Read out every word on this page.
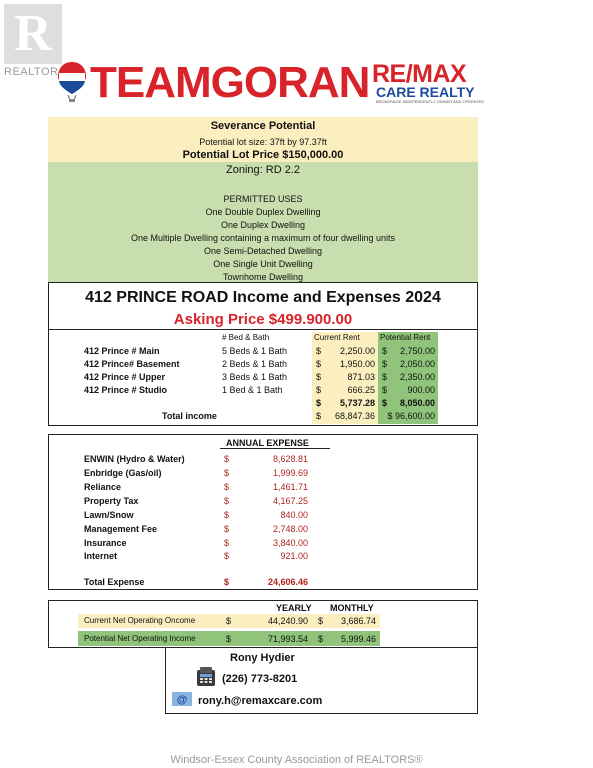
R
REALTOR TEAMGORAN RE/MAX
CARE REALTY
BROKERAGE INDEPENDENTLY OWNED AND OPERATED
Severance Potential
Potential lot size: 37ft by 97.37ft
Potential Lot Price $150,000.00
Zoning: RD 2.2
PERMITTED USES
One Double Duplex Dwelling
One Duplex Dwelling
One Multiple Dwelling containing a maximum of four dwelling units
One Semi-Detached Dwelling
One Single Unit Dwelling
Townhome Dwelling
412 PRINCE ROAD Income and Expenses 2024
Asking Price $499.900.00
# Bed & Bath	Current Rent	Potential Rent
412 Prince # Main	5 Beds & 1 Bath	$	2,250.00 $	2,750.00
412 Prince# Basement	2 Beds & 1 Bath	$	1,950.00 $	2,050.00
412 Prince # Upper	3 Beds & 1 Bath	$	871.03 $	2,350.00
412 Prince # Studio	1 Bed & 1 Bath	$	666.25 $	900.00
$	5,737.28 $	8,050.00
Total income	$	68,847.36	$ 96,600.00
ANNUAL EXPENSE
ENWIN (Hydro & Water)	$	8,628.81
Enbridge (Gas/oil)	$	1,999.69
Reliance	$	1,461.71
Property Tax	$	4,167.25
Lawn/Snow	$	840.00
Management Fee	$	2,748.00
Insurance	$	3,840.00
Internet	$	921.00
Total Expense	$	24,606.46
YEARLY MONTHLY
Current Net Operating Oncome	$	44,240.90 $	3,686.74
Potential Net Operating Income	$	71,993.54 $	5,999.46
Rony Hydier
(226) 773-8201
@ rony.h@remaxcare.com
Windsor-Essex County Association of REALTORS®
